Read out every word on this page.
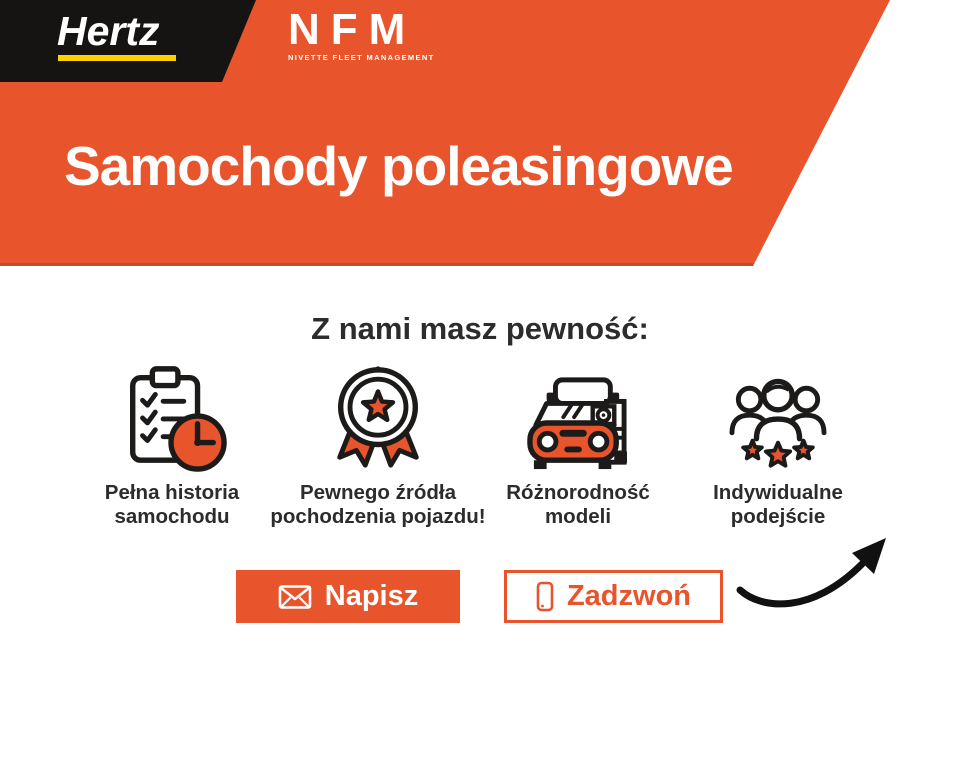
Hertz	NFM
NIVETTE FLEET MANAGEMENT
Samochody poleasingowe
Z nami masz pewność:
Pełna historia
samochodu
Pewnego źródła
pochodzenia pojazdu!
Różnorodność
modeli
Indywidualne
podejście
Napisz	Zadzwoń
